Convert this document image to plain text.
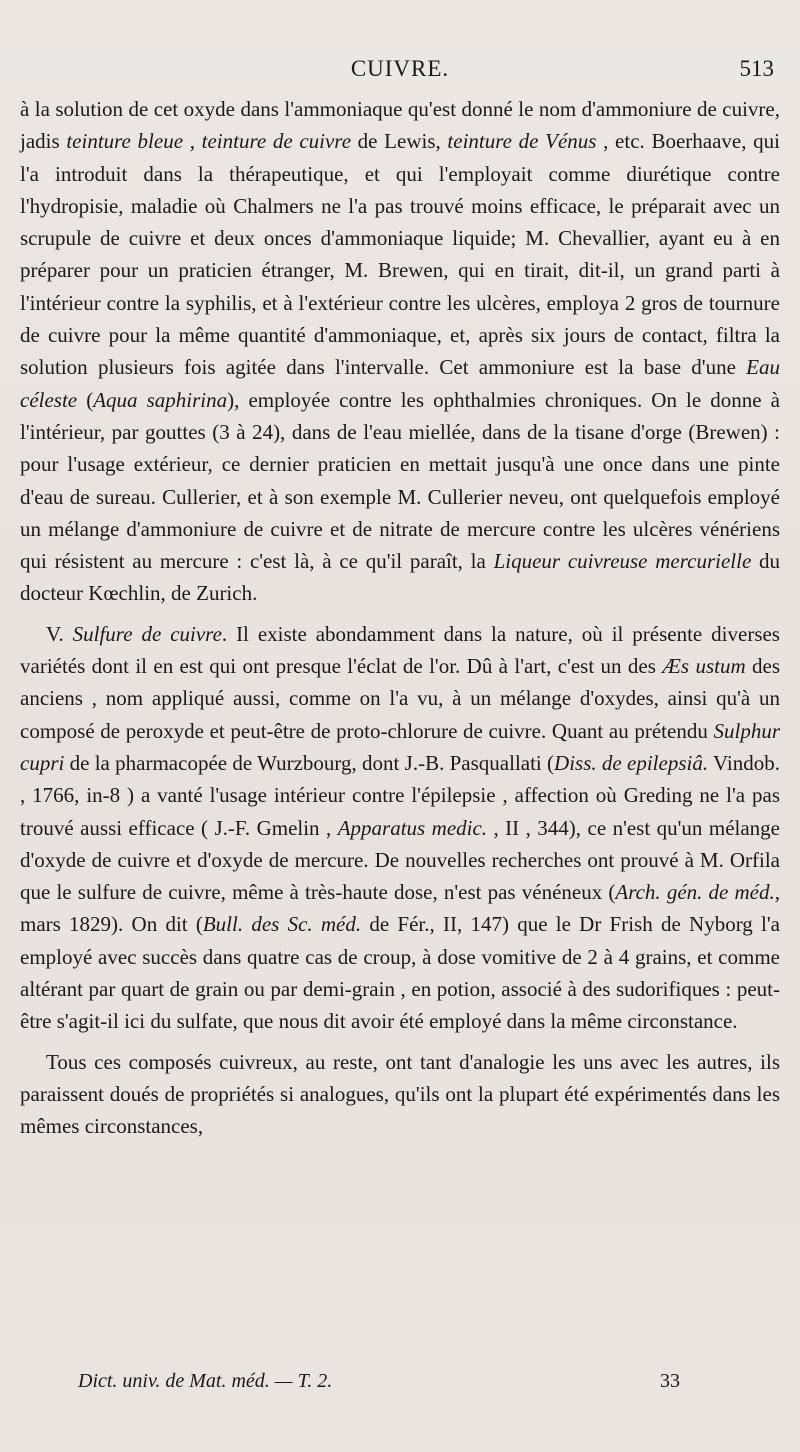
CUIVRE.	513

à la solution de cet oxyde dans l'ammoniaque qu'est donné le nom d'ammoniure de cuivre, jadis teinture bleue , teinture de cuivre de Lewis, teinture de Vénus , etc. Boerhaave, qui l'a introduit dans la thérapeutique, et qui l'employait comme diurétique contre l'hydropisie, maladie où Chalmers ne l'a pas trouvé moins efficace, le préparait avec un scrupule de cuivre et deux onces d'ammoniaque liquide; M. Chevallier, ayant eu à en préparer pour un praticien étranger, M. Brewen, qui en tirait, dit-il, un grand parti à l'intérieur contre la syphilis, et à l'extérieur contre les ulcères, employa 2 gros de tournure de cuivre pour la même quantité d'ammoniaque, et, après six jours de contact, filtra la solution plusieurs fois agitée dans l'intervalle. Cet ammoniure est la base d'une Eau céleste (Aqua saphirina), employée contre les ophthalmies chroniques. On le donne à l'intérieur, par gouttes (3 à 24), dans de l'eau miellée, dans de la tisane d'orge (Brewen) : pour l'usage extérieur, ce dernier praticien en mettait jusqu'à une once dans une pinte d'eau de sureau. Cullerier, et à son exemple M. Cullerier neveu, ont quelquefois employé un mélange d'ammoniure de cuivre et de nitrate de mercure contre les ulcères vénériens qui résistent au mercure : c'est là, à ce qu'il paraît, la Liqueur cuivreuse mercurielle du docteur Kœchlin, de Zurich.

V. Sulfure de cuivre. Il existe abondamment dans la nature, où il présente diverses variétés dont il en est qui ont presque l'éclat de l'or. Dû à l'art, c'est un des Æs ustum des anciens , nom appliqué aussi, comme on l'a vu, à un mélange d'oxydes, ainsi qu'à un composé de peroxyde et peut-être de proto-chlorure de cuivre. Quant au prétendu Sulphur cupri de la pharmacopée de Wurzbourg, dont J.-B. Pasquallati (Diss. de epilepsiâ. Vindob. , 1766, in-8 ) a vanté l'usage intérieur contre l'épilepsie , affection où Greding ne l'a pas trouvé aussi efficace ( J.-F. Gmelin , Apparatus medic. , II , 344), ce n'est qu'un mélange d'oxyde de cuivre et d'oxyde de mercure. De nouvelles recherches ont prouvé à M. Orfila que le sulfure de cuivre, même à très-haute dose, n'est pas vénéneux (Arch. gén. de méd., mars 1829). On dit (Bull. des Sc. méd. de Fér., II, 147) que le Dr Frish de Nyborg l'a employé avec succès dans quatre cas de croup, à dose vomitive de 2 à 4 grains, et comme altérant par quart de grain ou par demi-grain , en potion, associé à des sudorifiques : peut-être s'agit-il ici du sulfate, que nous dit avoir été employé dans la même circonstance.

Tous ces composés cuivreux, au reste, ont tant d'analogie les uns avec les autres, ils paraissent doués de propriétés si analogues, qu'ils ont la plupart été expérimentés dans les mêmes circonstances,

Dict. univ. de Mat. méd. — T. 2.	33
